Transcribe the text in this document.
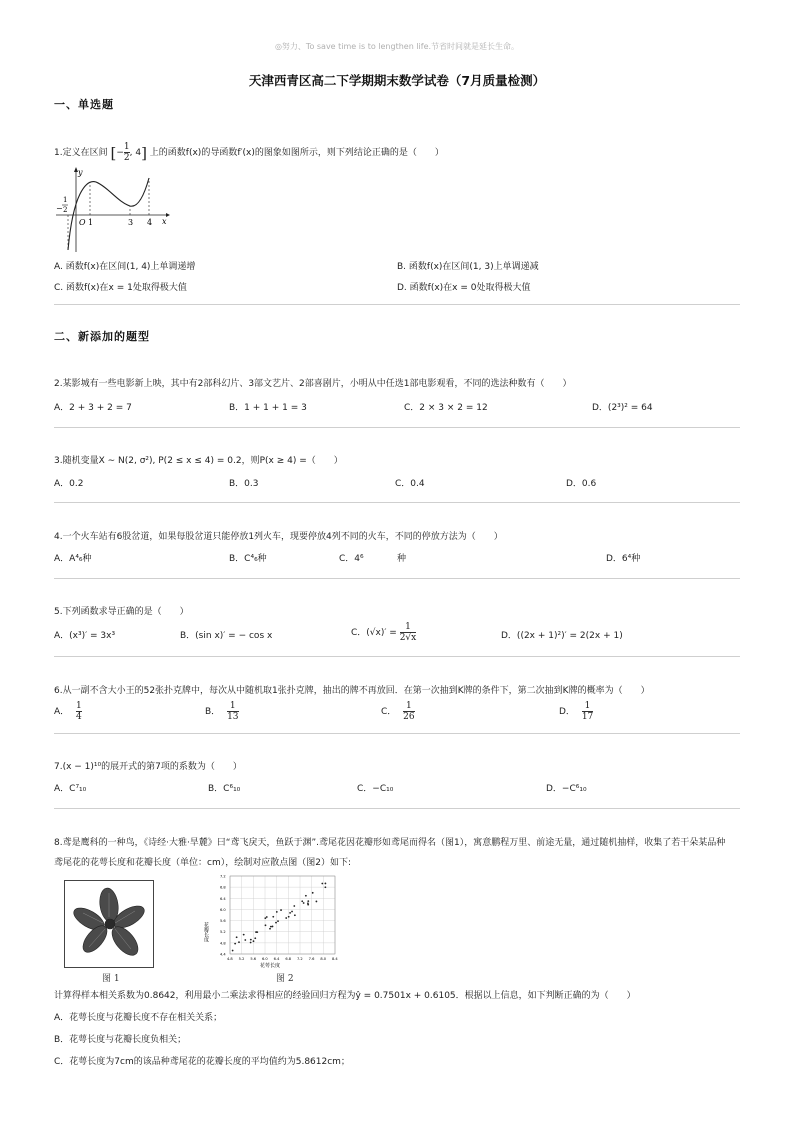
◎努力、To save time is to lengthen life.节省时间就是延长生命。
天津西青区高二下学期期末数学试卷（7月质量检测）
一、单选题
1.定义在区间 [− $\frac{1}{2}$ , 4] 上的函数f(x)的导函数f′(x)的图象如图所示，则下列结论正确的是（　　）
y
x
O 1	3 4
−
1
2
A. 函数f(x)在区间(1, 4)上单调递增	B. 函数f(x)在区间(1, 3)上单调递减
C. 函数f(x)在x = 1处取得极大值	D. 函数f(x)在x = 0处取得极大值
二、新添加的题型
2.某影城有一些电影新上映，其中有2部科幻片、3部文艺片、2部喜剧片，小明从中任选1部电影观看，不同的选法种数有（　　）
A．2 + 3 + 2 = 7	B．1 + 1 + 1 = 3	C．2 × 3 × 2 = 12	D．(2³)² = 64
3.随机变量X ∼ N(2, σ²), P(2 ≤ x ≤ 4) = 0.2，则P(x ≥ 4) =（　　）
A．0.2	B．0.3	C．0.4	D．0.6
4.一个火车站有6股岔道，如果每股岔道只能停放1列火车，现要停放4列不同的火车，不同的停放方法为（　　）
A．A⁴₆种	B．C⁴₆种	C．4⁶	种	D．6⁴种
5.下列函数求导正确的是（　　）
A．(x³)′ = 3x³	B．(sin x)′ = − cos x	C．$(√x)' = \frac{1}{2√x}$	D．((2x + 1)²)′ = 2(2x + 1)
6.从一副不含大小王的52张扑克牌中，每次从中随机取1张扑克牌，抽出的牌不再放回．在第一次抽到K牌的条件下，第二次抽到K牌的概率为（　　）
A． $\frac{1}{4}$	B． $\frac{1}{13}$	C． $\frac{1}{26}$	D． $\frac{1}{17}$
7.(x − 1)¹⁰的展开式的第7项的系数为（　　）
A．C⁷₁₀	B．C⁶₁₀	C．−C₁₀	D．−C⁶₁₀
8.鸢是鹰科的一种鸟，《诗经·大雅·旱麓》曰“鸢飞戾天，鱼跃于渊”.鸢尾花因花瓣形如鸢尾而得名（图1），寓意鹏程万里、前途无量，通过随机抽样，收集了若干朵某品种
鸢尾花的花萼长度和花瓣长度（单位：cm），绘制对应散点图（图2）如下:
图 1
4.8 5.2 5.6 6.0 6.4 6.8 7.2 7.6 8.0 8.4
7.2
6.8
6.4
6.0
5.6
5.2
4.8
4.4
花瓣长度
花萼长度
图 2
计算得样本相关系数为0.8642，利用最小二乘法求得相应的经验回归方程为ŷ = 0.7501x + 0.6105．根据以上信息，如下判断正确的为（　　）
A．花萼长度与花瓣长度不存在相关关系；
B．花萼长度与花瓣长度负相关；
C．花萼长度为7cm的该品种鸢尾花的花瓣长度的平均值约为5.8612cm；
